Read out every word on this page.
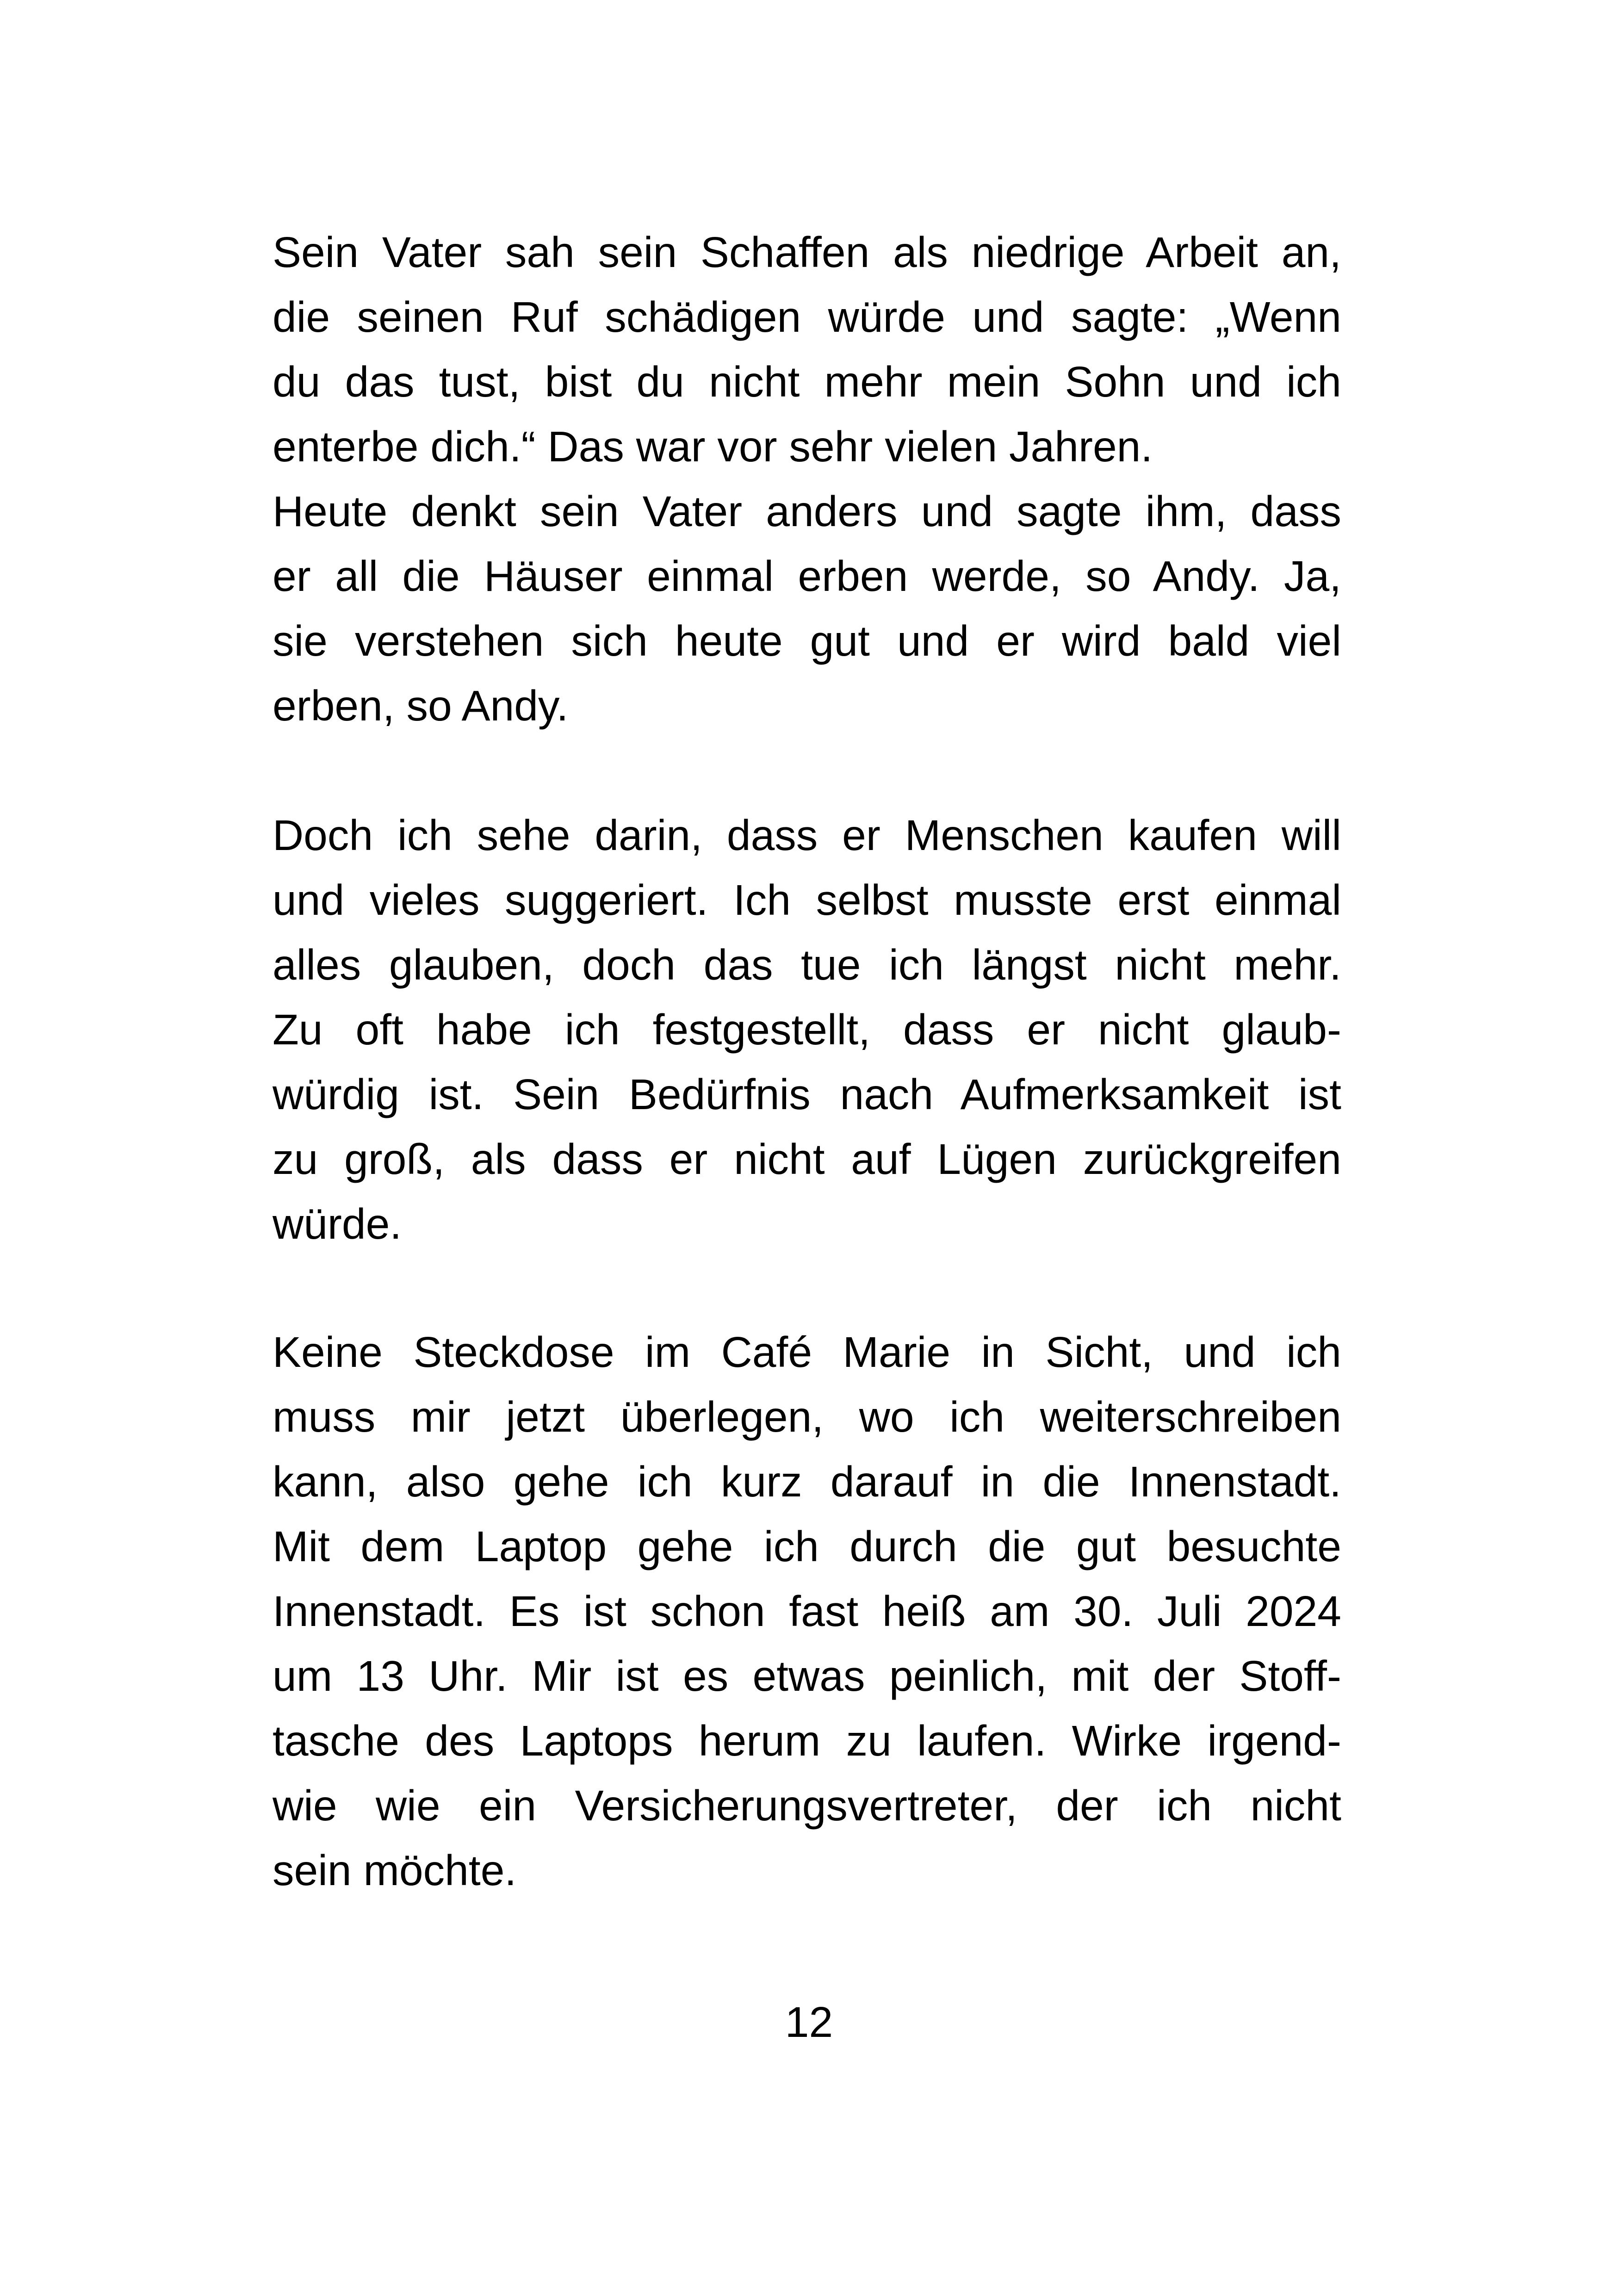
Sein Vater sah sein Schaffen als niedrige Arbeit an,
die seinen Ruf schädigen würde und sagte: „Wenn
du das tust, bist du nicht mehr mein Sohn und ich
enterbe dich.“ Das war vor sehr vielen Jahren.
Heute denkt sein Vater anders und sagte ihm, dass
er all die Häuser einmal erben werde, so Andy. Ja,
sie verstehen sich heute gut und er wird bald viel
erben, so Andy.
Doch ich sehe darin, dass er Menschen kaufen will
und vieles suggeriert. Ich selbst musste erst einmal
alles glauben, doch das tue ich längst nicht mehr.
Zu oft habe ich festgestellt, dass er nicht glaub-
würdig ist. Sein Bedürfnis nach Aufmerksamkeit ist
zu groß, als dass er nicht auf Lügen zurückgreifen
würde.
Keine Steckdose im Café Marie in Sicht, und ich
muss mir jetzt überlegen, wo ich weiterschreiben
kann, also gehe ich kurz darauf in die Innenstadt.
Mit dem Laptop gehe ich durch die gut besuchte
Innenstadt. Es ist schon fast heiß am 30. Juli 2024
um 13 Uhr. Mir ist es etwas peinlich, mit der Stoff-
tasche des Laptops herum zu laufen. Wirke irgend-
wie wie ein Versicherungsvertreter, der ich nicht
sein möchte.
12
